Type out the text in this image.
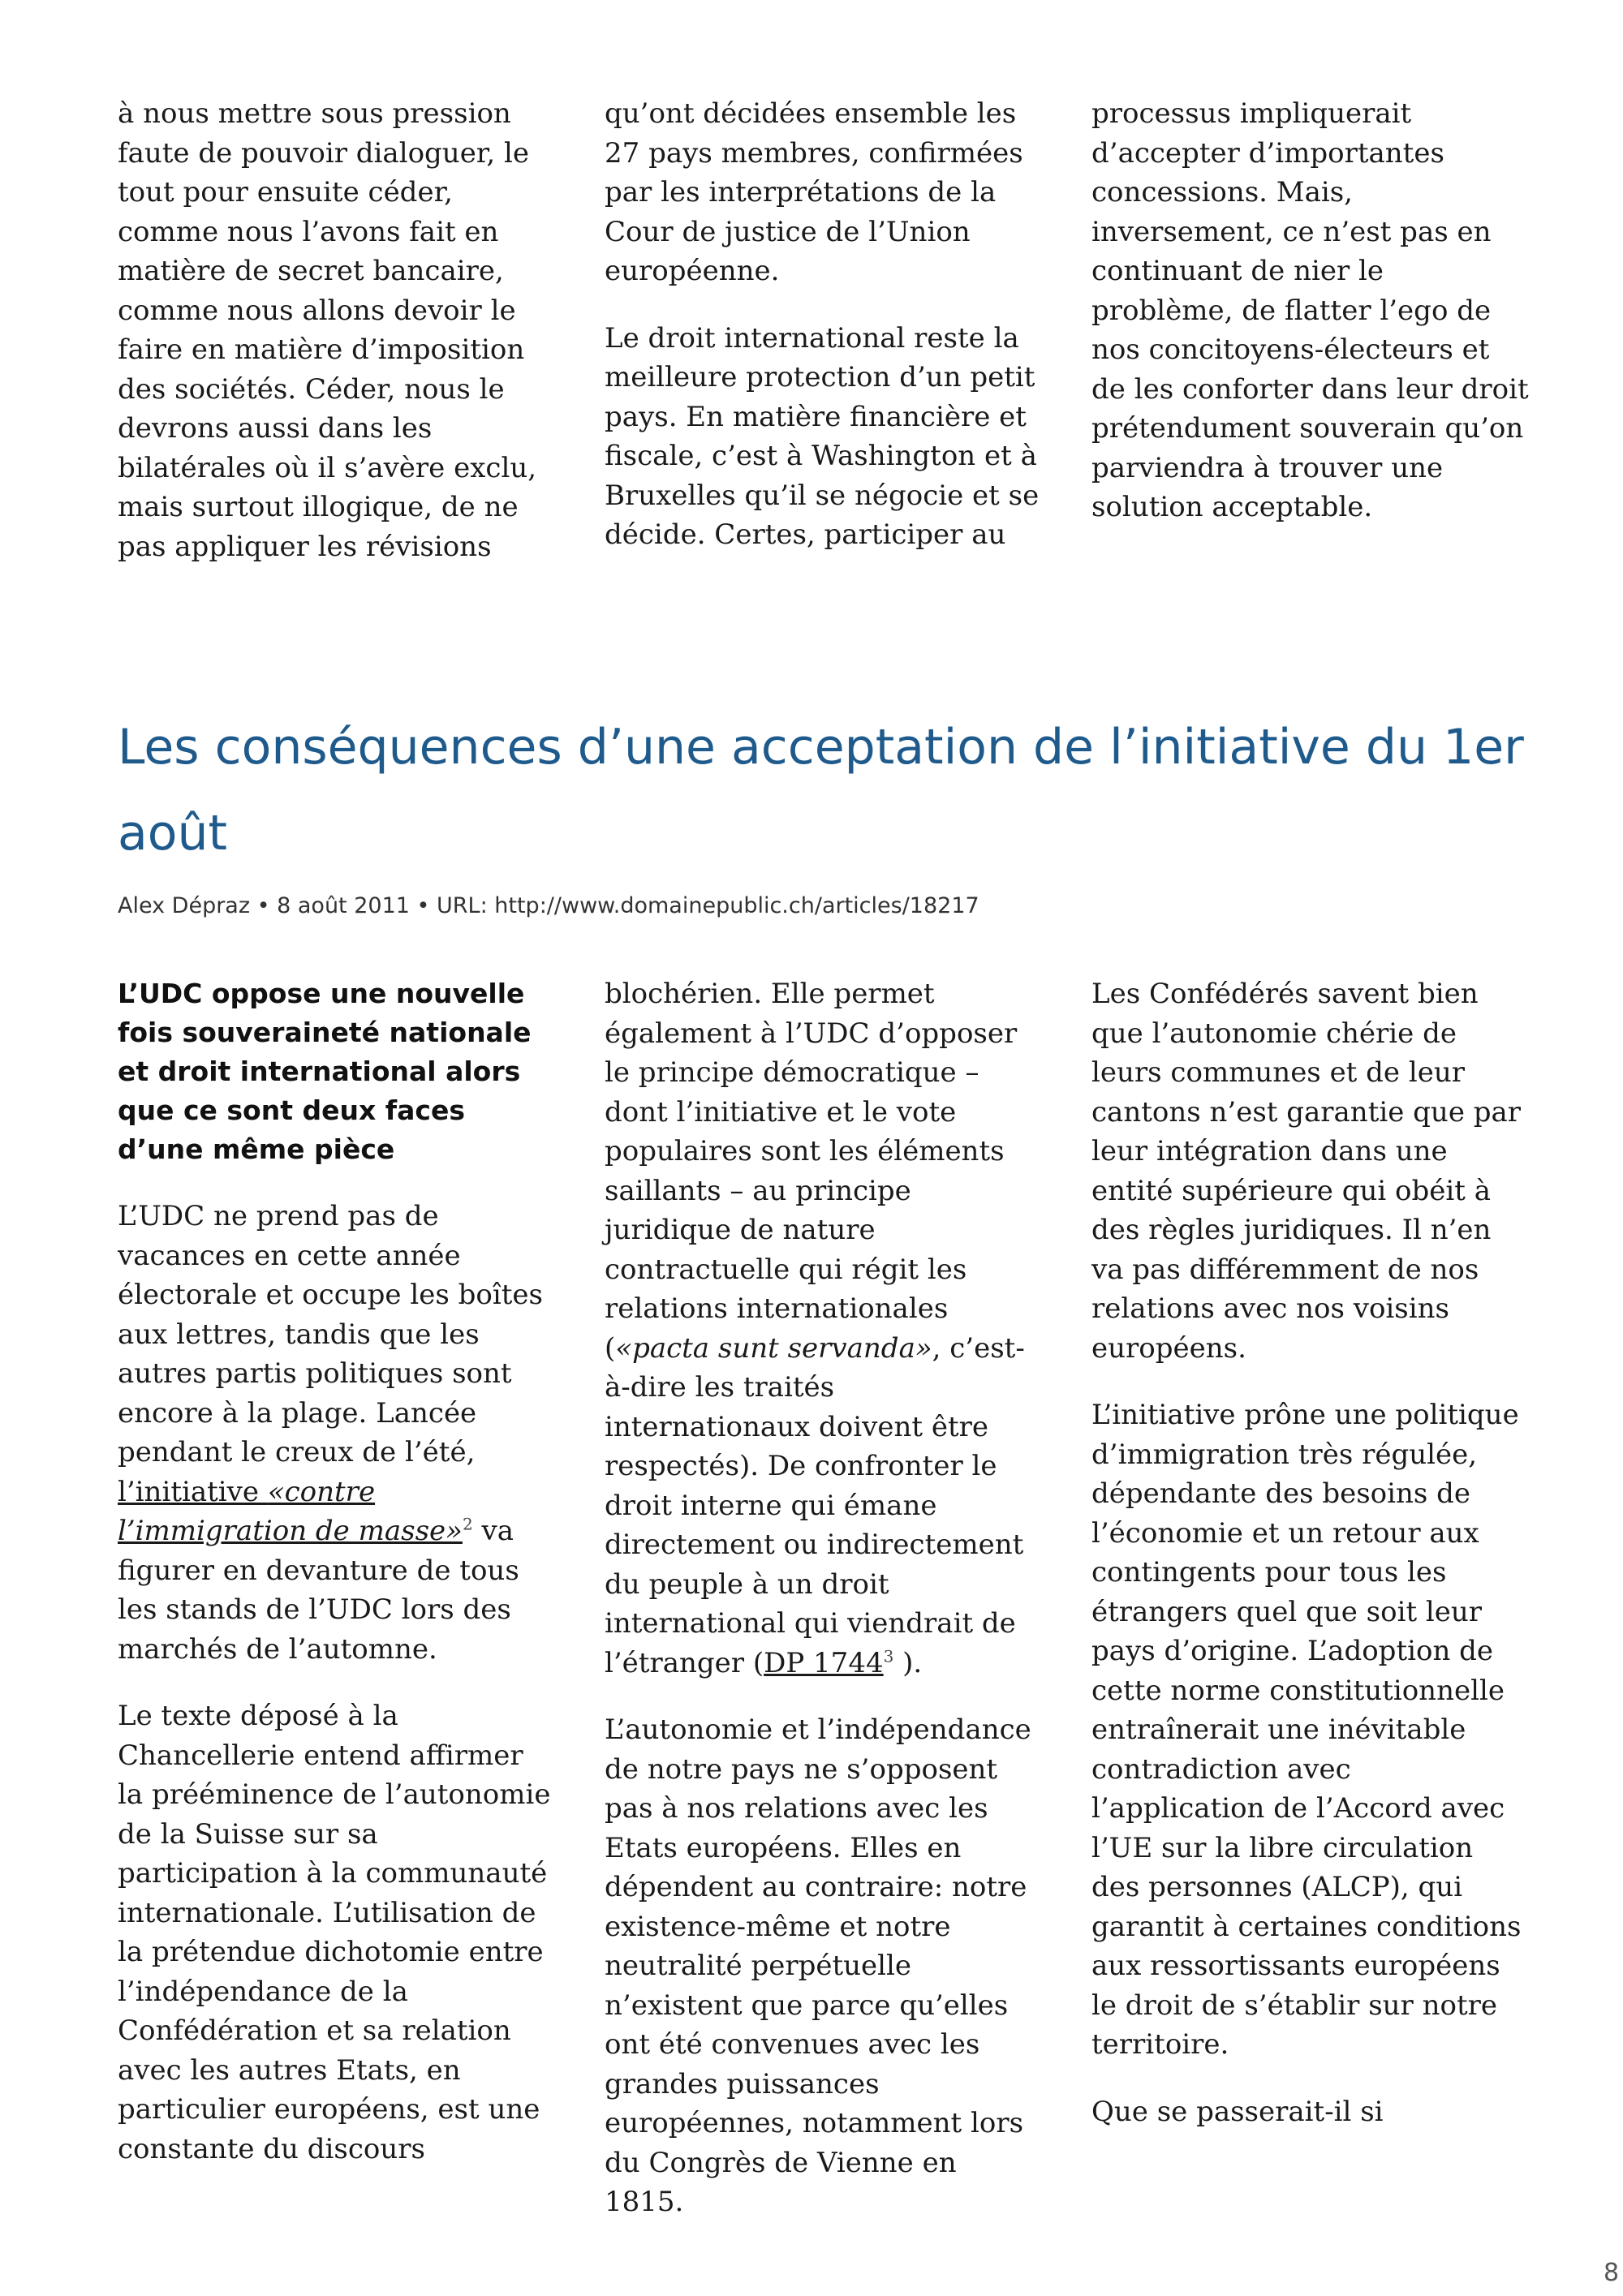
à nous mettre sous pression faute de pouvoir dialoguer, le tout pour ensuite céder, comme nous l’avons fait en matière de secret bancaire, comme nous allons devoir le faire en matière d’imposition des sociétés. Céder, nous le devrons aussi dans les bilatérales où il s’avère exclu, mais surtout illogique, de ne pas appliquer les révisions

qu’ont décidées ensemble les 27 pays membres, confirmées par les interprétations de la Cour de justice de l’Union européenne.

Le droit international reste la meilleure protection d’un petit pays. En matière financière et fiscale, c’est à Washington et à Bruxelles qu’il se négocie et se décide. Certes, participer au

processus impliquerait d’accepter d’importantes concessions. Mais, inversement, ce n’est pas en continuant de nier le problème, de flatter l’ego de nos concitoyens-électeurs et de les conforter dans leur droit prétendument souverain qu’on parviendra à trouver une solution acceptable.

Les conséquences d’une acceptation de l’initiative du 1er août

Alex Dépraz • 8 août 2011 • URL: http://www.domainepublic.ch/articles/18217

L’UDC oppose une nouvelle fois souveraineté nationale et droit international alors que ce sont deux faces d’une même pièce

L’UDC ne prend pas de vacances en cette année électorale et occupe les boîtes aux lettres, tandis que les autres partis politiques sont encore à la plage. Lancée pendant le creux de l’été, l’initiative «contre l’immigration de masse»$^2$ va figurer en devanture de tous les stands de l’UDC lors des marchés de l’automne.

Le texte déposé à la Chancellerie entend affirmer la prééminence de l’autonomie de la Suisse sur sa participation à la communauté internationale. L’utilisation de la prétendue dichotomie entre l’indépendance de la Confédération et sa relation avec les autres Etats, en particulier européens, est une constante du discours

blochérien. Elle permet également à l’UDC d’opposer le principe démocratique – dont l’initiative et le vote populaires sont les éléments saillants – au principe juridique de nature contractuelle qui régit les relations internationales («pacta sunt servanda», c’est-à-dire les traités internationaux doivent être respectés). De confronter le droit interne qui émane directement ou indirectement du peuple à un droit international qui viendrait de l’étranger (DP 1744$^3$ ).

L’autonomie et l’indépendance de notre pays ne s’opposent pas à nos relations avec les Etats européens. Elles en dépendent au contraire: notre existence-même et notre neutralité perpétuelle n’existent que parce qu’elles ont été convenues avec les grandes puissances européennes, notamment lors du Congrès de Vienne en 1815.

Les Confédérés savent bien que l’autonomie chérie de leurs communes et de leur cantons n’est garantie que par leur intégration dans une entité supérieure qui obéit à des règles juridiques. Il n’en va pas différemment de nos relations avec nos voisins européens.

L’initiative prône une politique d’immigration très régulée, dépendante des besoins de l’économie et un retour aux contingents pour tous les étrangers quel que soit leur pays d’origine. L’adoption de cette norme constitutionnelle entraînerait une inévitable contradiction avec l’application de l’Accord avec l’UE sur la libre circulation des personnes (ALCP), qui garantit à certaines conditions aux ressortissants européens le droit de s’établir sur notre territoire.

Que se passerait-il si

8
